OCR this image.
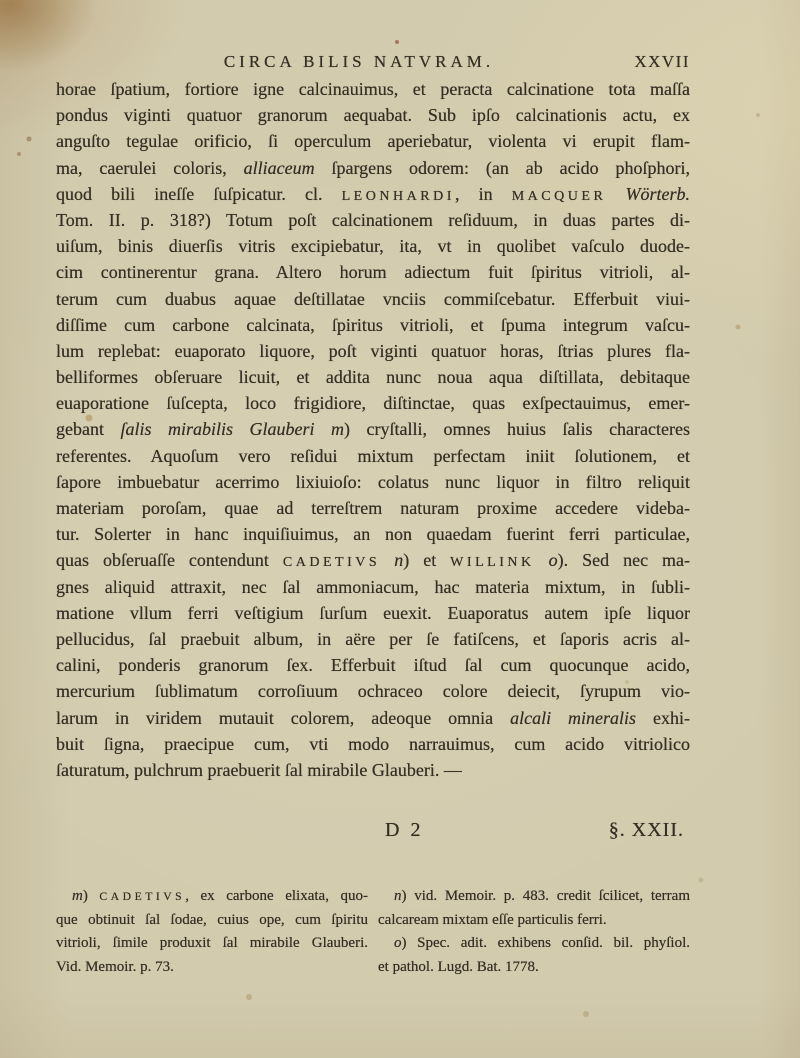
CIRCA BILIS NATVRAM.	XXVII
horae ſpatium, fortiore igne calcinauimus, et peracta calcinatione tota maſſa
pondus viginti quatuor granorum aequabat. Sub ipſo calcinationis actu, ex
anguſto tegulae orificio, ſi operculum aperiebatur, violenta vi erupit flam-
ma, caerulei coloris, alliaceum ſpargens odorem: (an ab acido phoſphori,
quod bili ineſſe ſuſpicatur. cl. LEONHARDI, in MACQUER Wörterb.
Tom. II. p. 318?) Totum poſt calcinationem reſiduum, in duas partes di-
uiſum, binis diuerſis vitris excipiebatur, ita, vt in quolibet vaſculo duode-
cim continerentur grana. Altero horum adiectum fuit ſpiritus vitrioli, al-
terum cum duabus aquae deſtillatae vnciis commiſcebatur. Efferbuit viui-
diſſime cum carbone calcinata, ſpiritus vitrioli, et ſpuma integrum vaſcu-
lum replebat: euaporato liquore, poſt viginti quatuor horas, ſtrias plures fla-
belliformes obſeruare licuit, et addita nunc noua aqua diſtillata, debitaque
euaporatione ſuſcepta, loco frigidiore, diſtinctae, quas exſpectauimus, emer-
gebant ſalis mirabilis Glauberi m) cryſtalli, omnes huius ſalis characteres
referentes. Aquoſum vero reſidui mixtum perfectam iniit ſolutionem, et
ſapore imbuebatur acerrimo lixiuioſo: colatus nunc liquor in filtro reliquit
materiam poroſam, quae ad terreſtrem naturam proxime accedere videba-
tur. Solerter in hanc inquiſiuimus, an non quaedam fuerint ferri particulae,
quas obſeruaſſe contendunt CADETIVS n) et WILLINK o). Sed nec ma-
gnes aliquid attraxit, nec ſal ammoniacum, hac materia mixtum, in ſubli-
matione vllum ferri veſtigium ſurſum euexit. Euaporatus autem ipſe liquor
pellucidus, ſal praebuit album, in aëre per ſe fatiſcens, et ſaporis acris al-
calini, ponderis granorum ſex. Efferbuit iſtud ſal cum quocunque acido,
mercurium ſublimatum corroſiuum ochraceo colore deiecit, ſyrupum vio-
larum in viridem mutauit colorem, adeoque omnia alcali mineralis exhi-
buit ſigna, praecipue cum, vti modo narrauimus, cum acido vitriolico
ſaturatum, pulchrum praebuerit ſal mirabile Glauberi. —
D 2	§. XXII.
m) CADETIVS, ex carbone elixata, quo-
que obtinuit ſal ſodae, cuius ope, cum ſpiritu
vitrioli, ſimile produxit ſal mirabile Glauberi.
Vid. Memoir. p. 73.
n) vid. Memoir. p. 483. credit ſcilicet, terram
calcaream mixtam eſſe particulis ferri.
o) Spec. adit. exhibens conſid. bil. phyſiol.
et pathol. Lugd. Bat. 1778.
